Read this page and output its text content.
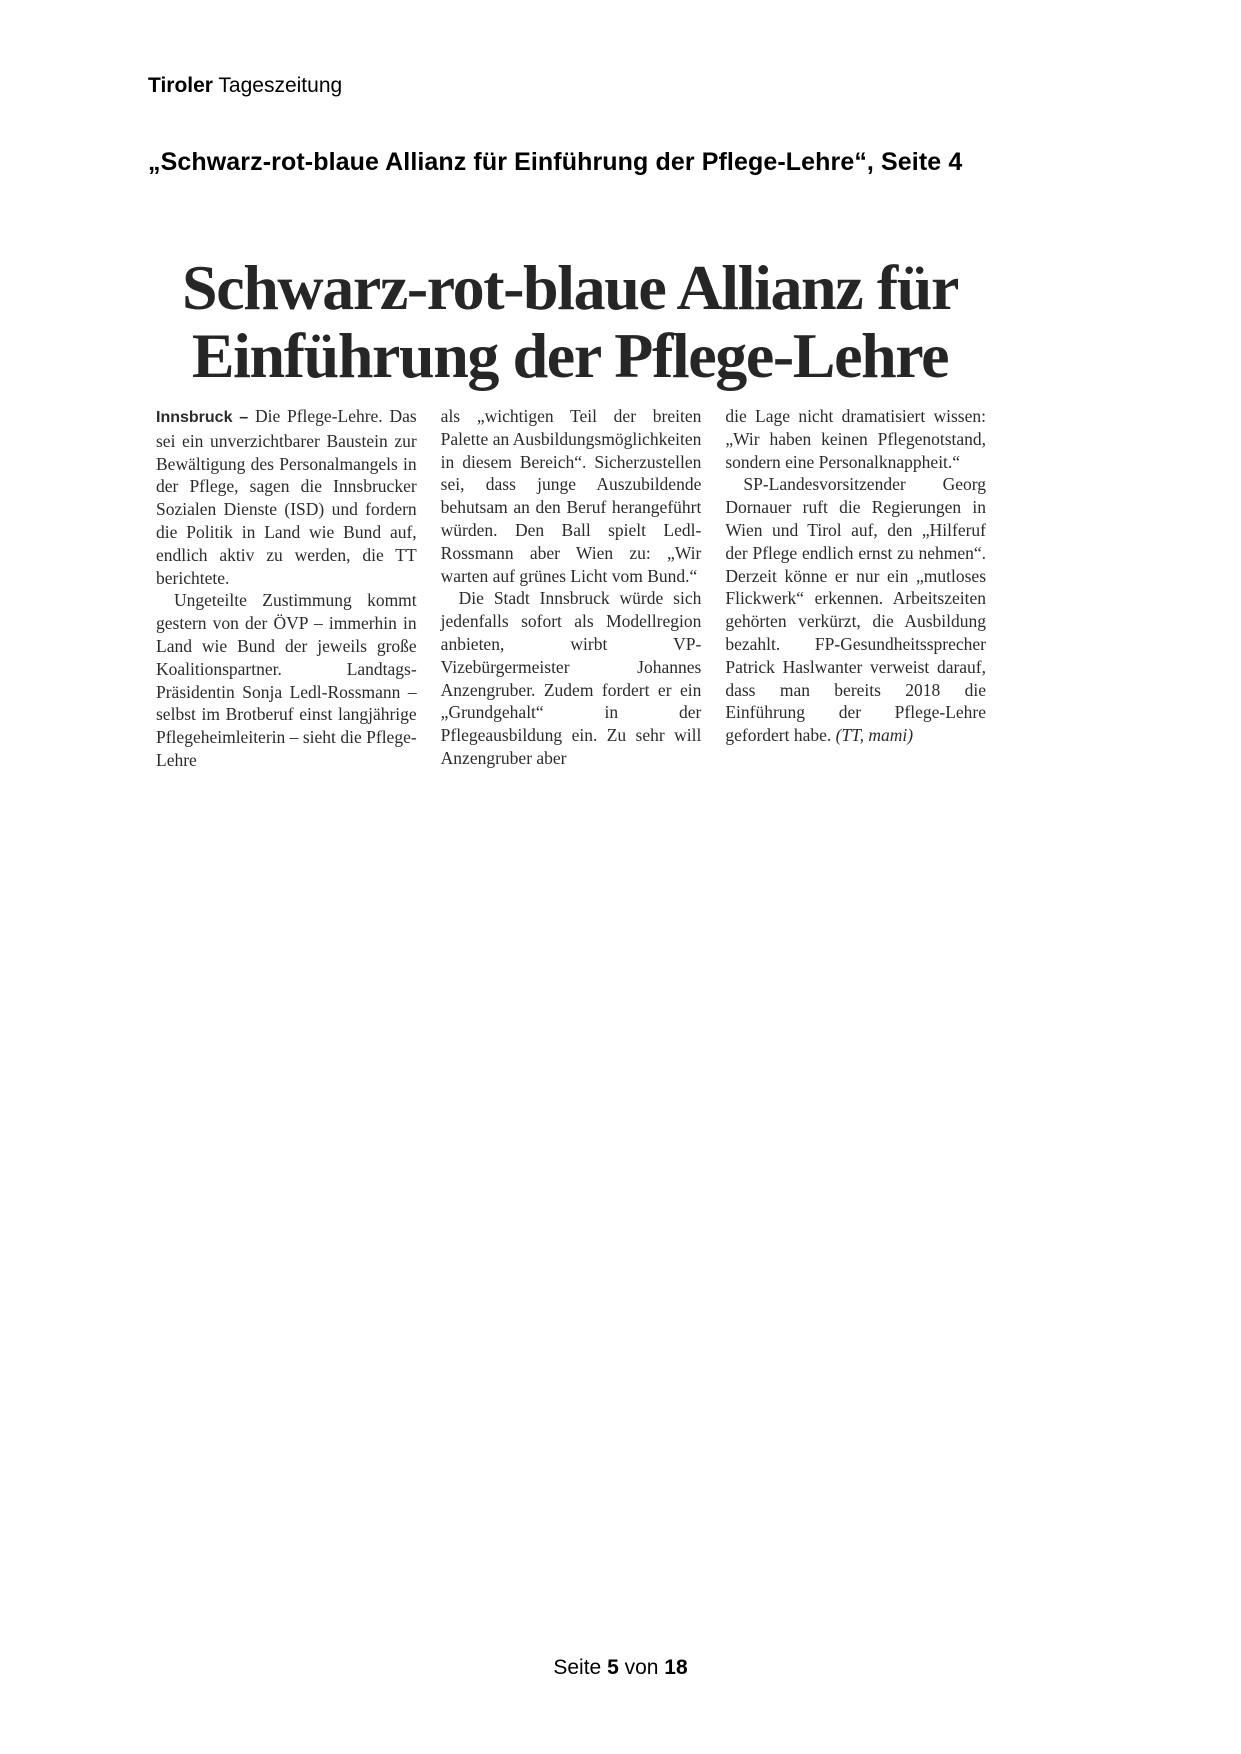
Tiroler Tageszeitung
„Schwarz-rot-blaue Allianz für Einführung der Pflege-Lehre“, Seite 4
Schwarz-rot-blaue Allianz für
Einführung der Pflege-Lehre

Innsbruck – Die Pflege-Lehre. Das sei ein unverzichtbarer Baustein zur Bewältigung des Personalmangels in der Pflege, sagen die Innsbrucker Sozialen Dienste (ISD) und fordern die Politik in Land wie Bund auf, endlich aktiv zu werden, die TT berichtete.

Ungeteilte Zustimmung kommt gestern von der ÖVP – immerhin in Land wie Bund der jeweils große Koalitionspartner. Landtags-Präsidentin Sonja Ledl-Rossmann – selbst im Brotberuf einst langjährige Pflegeheimleiterin – sieht die Pflege-Lehre

als „wichtigen Teil der breiten Palette an Ausbildungsmöglichkeiten in diesem Bereich“. Sicherzustellen sei, dass junge Auszubildende behutsam an den Beruf herangeführt würden. Den Ball spielt Ledl-Rossmann aber Wien zu: „Wir warten auf grünes Licht vom Bund.“

Die Stadt Innsbruck würde sich jedenfalls sofort als Modellregion anbieten, wirbt VP-Vizebürgermeister Johannes Anzengruber. Zudem fordert er ein „Grundgehalt“ in der Pflegeausbildung ein. Zu sehr will Anzengruber aber

die Lage nicht dramatisiert wissen: „Wir haben keinen Pflegenotstand, sondern eine Personalknappheit.“

SP-Landesvorsitzender Georg Dornauer ruft die Regierungen in Wien und Tirol auf, den „Hilferuf der Pflege endlich ernst zu nehmen“. Derzeit könne er nur ein „mutloses Flickwerk“ erkennen. Arbeitszeiten gehörten verkürzt, die Ausbildung bezahlt. FP-Gesundheitssprecher Patrick Haslwanter verweist darauf, dass man bereits 2018 die Einführung der Pflege-Lehre gefordert habe. (TT, mami)

Seite 5 von 18
